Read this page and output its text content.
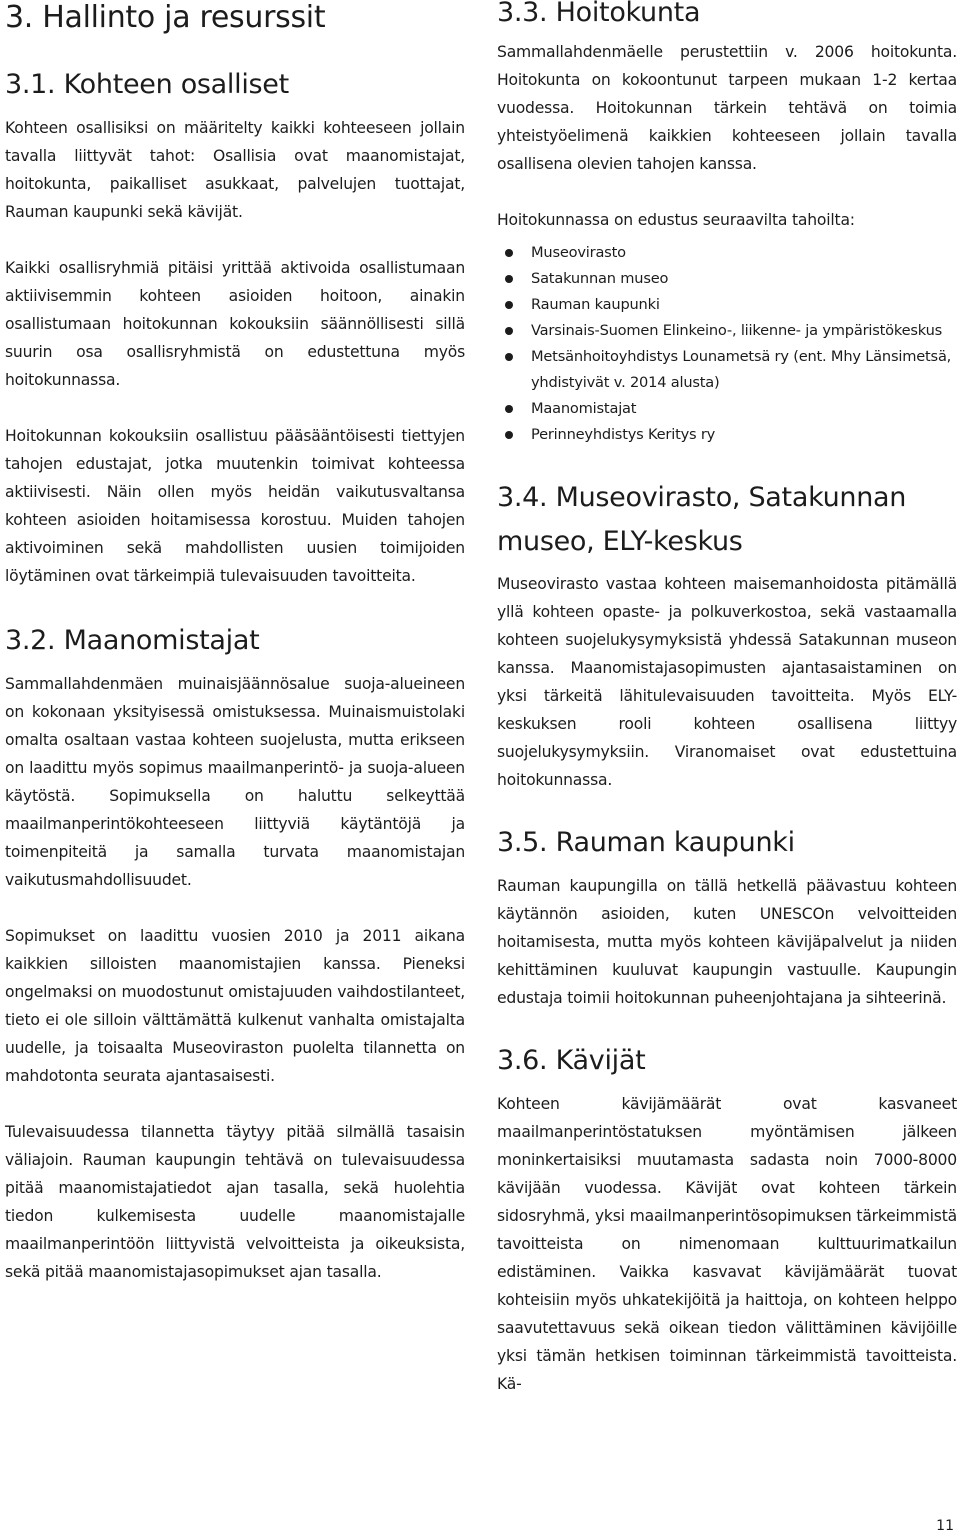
3. Hallinto ja resurssit
3.1. Kohteen osalliset

Kohteen osallisiksi on määritelty kaikki kohteeseen jollain tavalla liittyvät tahot: Osallisia ovat maanomistajat, hoitokunta, paikalliset asukkaat, palvelujen tuottajat, Rauman kaupunki sekä kävijät.

Kaikki osallisryhmiä pitäisi yrittää aktivoida osallistumaan aktiivisemmin kohteen asioiden hoitoon, ainakin osallistumaan hoitokunnan kokouksiin säännöllisesti sillä suurin osa osallisryhmistä on edustettuna myös hoitokunnassa.

Hoitokunnan kokouksiin osallistuu pääsääntöisesti tiettyjen tahojen edustajat, jotka muutenkin toimivat kohteessa aktiivisesti. Näin ollen myös heidän vaikutusvaltansa kohteen asioiden hoitamisessa korostuu. Muiden tahojen aktivoiminen sekä mahdollisten uusien toimijoiden löytäminen ovat tärkeimpiä tulevaisuuden tavoitteita.

3.2. Maanomistajat

Sammallahdenmäen muinaisjäännösalue suoja-alueineen on kokonaan yksityisessä omistuksessa. Muinaismuistolaki omalta osaltaan vastaa kohteen suojelusta, mutta erikseen on laadittu myös sopimus maailmanperintö- ja suoja-alueen käytöstä. Sopimuksella on haluttu selkeyttää maailmanperintökohteeseen liittyviä käytäntöjä ja toimenpiteitä ja samalla turvata maanomistajan vaikutusmahdollisuudet.

Sopimukset on laadittu vuosien 2010 ja 2011 aikana kaikkien silloisten maanomistajien kanssa. Pieneksi ongelmaksi on muodostunut omistajuuden vaihdostilanteet, tieto ei ole silloin välttämättä kulkenut vanhalta omistajalta uudelle, ja toisaalta Museoviraston puolelta tilannetta on mahdotonta seurata ajantasaisesti.

Tulevaisuudessa tilannetta täytyy pitää silmällä tasaisin väliajoin. Rauman kaupungin tehtävä on tulevaisuudessa pitää maanomistajatiedot ajan tasalla, sekä huolehtia tiedon kulkemisesta uudelle maanomistajalle maailmanperintöön liittyvistä velvoitteista ja oikeuksista, sekä pitää maanomistajasopimukset ajan tasalla.

3.3. Hoitokunta

Sammallahdenmäelle perustettiin v. 2006 hoitokunta. Hoitokunta on kokoontunut tarpeen mukaan 1-2 kertaa vuodessa. Hoitokunnan tärkein tehtävä on toimia yhteistyöelimenä kaikkien kohteeseen jollain tavalla osallisena olevien tahojen kanssa.

Hoitokunnassa on edustus seuraavilta tahoilta:

Museovirasto
Satakunnan museo
Rauman kaupunki
Varsinais-Suomen Elinkeino-, liikenne- ja ympäristökeskus
Metsänhoitoyhdistys Lounametsä ry (ent. Mhy Länsimetsä, yhdistyivät v. 2014 alusta)
Maanomistajat
Perinneyhdistys Keritys ry
3.4. Museovirasto, Satakunnan museo, ELY-keskus

Museovirasto vastaa kohteen maisemanhoidosta pitämällä yllä kohteen opaste- ja polkuverkostoa, sekä vastaamalla kohteen suojelukysymyksistä yhdessä Satakunnan museon kanssa. Maanomistajasopimusten ajantasaistaminen on yksi tärkeitä lähitulevaisuuden tavoitteita. Myös ELY-keskuksen rooli kohteen osallisena liittyy suojelukysymyksiin. Viranomaiset ovat edustettuina hoitokunnassa.

3.5. Rauman kaupunki

Rauman kaupungilla on tällä hetkellä päävastuu kohteen käytännön asioiden, kuten UNESCOn velvoitteiden hoitamisesta, mutta myös kohteen kävijäpalvelut ja niiden kehittäminen kuuluvat kaupungin vastuulle. Kaupungin edustaja toimii hoitokunnan puheenjohtajana ja sihteerinä.

3.6. Kävijät

Kohteen kävijämäärät ovat kasvaneet maailmanperintöstatuksen myöntämisen jälkeen moninkertaisiksi muutamasta sadasta noin 7000-8000 kävijään vuodessa. Kävijät ovat kohteen tärkein sidosryhmä, yksi maailmanperintösopimuksen tärkeimmistä tavoitteista on nimenomaan kulttuurimatkailun edistäminen. Vaikka kasvavat kävijämäärät tuovat kohteisiin myös uhkatekijöitä ja haittoja, on kohteen helppo saavutettavuus sekä oikean tiedon välittäminen kävijöille yksi tämän hetkisen toiminnan tärkeimmistä tavoitteista. Kä-

11
